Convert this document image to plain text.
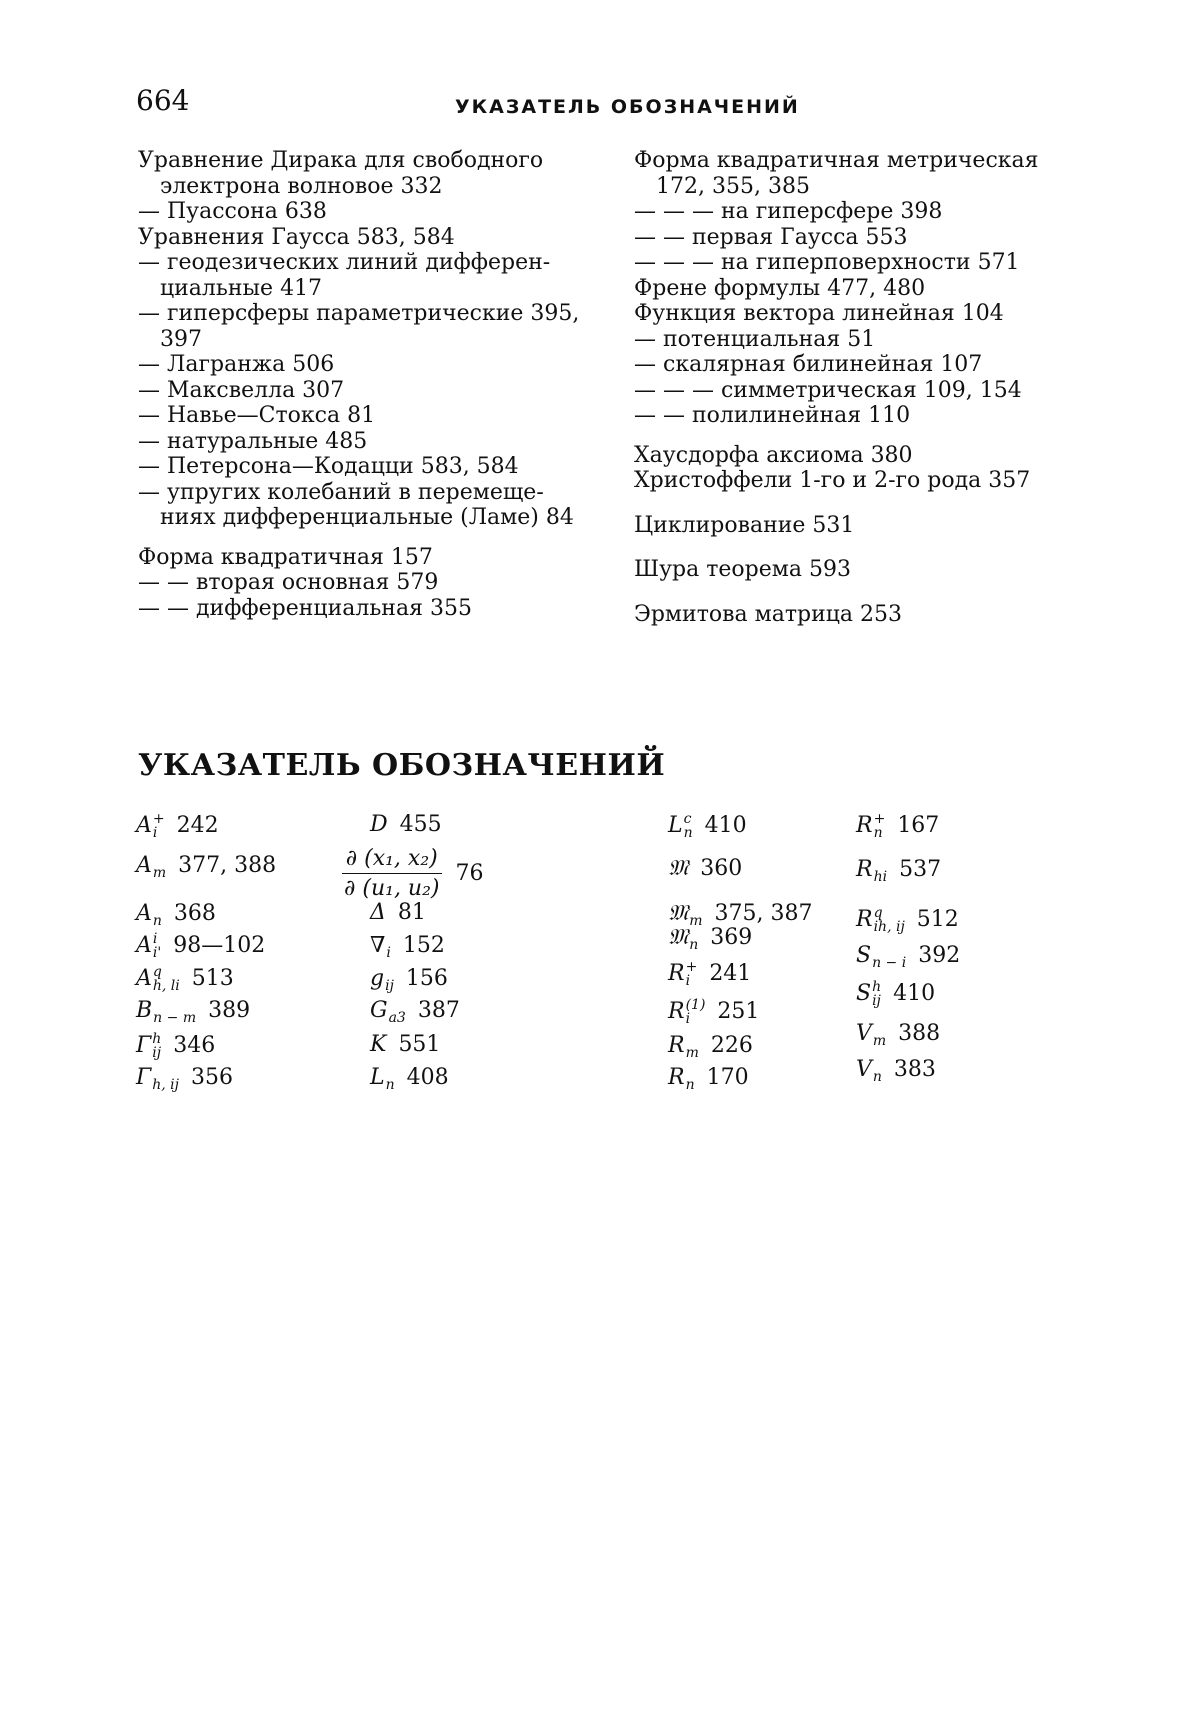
664	УКАЗАТЕЛЬ ОБОЗНАЧЕНИЙ

Уравнение Дирака для свободного
электрона волновое 332

— Пуассона 638

Уравнения Гаусса 583, 584

— геодезических линий дифферен-
циальные 417

— гиперсферы параметрические 395,
397

— Лагранжа 506

— Максвелла 307

— Навье—Стокса 81

— натуральные 485

— Петерсона—Кодацци 583, 584

— упругих колебаний в перемеще-
ниях дифференциальные (Ламе) 84

Форма квадратичная 157

— — вторая основная 579

— — дифференциальная 355

Форма квадратичная метрическая
172, 355, 385

— — — на гиперсфере 398

— — первая Гаусса 553

— — — на гиперповерхности 571

Френе формулы 477, 480

Функция вектора линейная 104

— потенциальная 51

— скалярная билинейная 107

— — — симметрическая 109, 154

— — полилинейная 110

Хаусдорфа аксиома 380

Христоффели 1-го и 2-го рода 357

Циклирование 531

Шура теорема 593

Эрмитова матрица 253

УКАЗАТЕЛЬ ОБОЗНАЧЕНИЙ
A +
i 242
A
m 377, 388
A
n 368
A i
i' 98—102
A q
h, li 513
B
n − m 389
Γ h
ij 346
Γ
h, ij 356
D 455
$\frac{\text{∂ (x₁, x₂)}}{\text{∂ (u₁, u₂)}} 76$
Δ 81
∇
i 152
g
ij 156
G
a3 387
K 551
L
n 408
L c
n 410
𝔐 360
𝔐
m 375, 387
𝔐
n 369
R +
i 241
R (1)
i	251
R
m 226
R
n 170
R +
n 167
R
hi 537
R q
ih, ij 512
S
n − i 392
S h
ij 410
V
m 388
V
n 383
